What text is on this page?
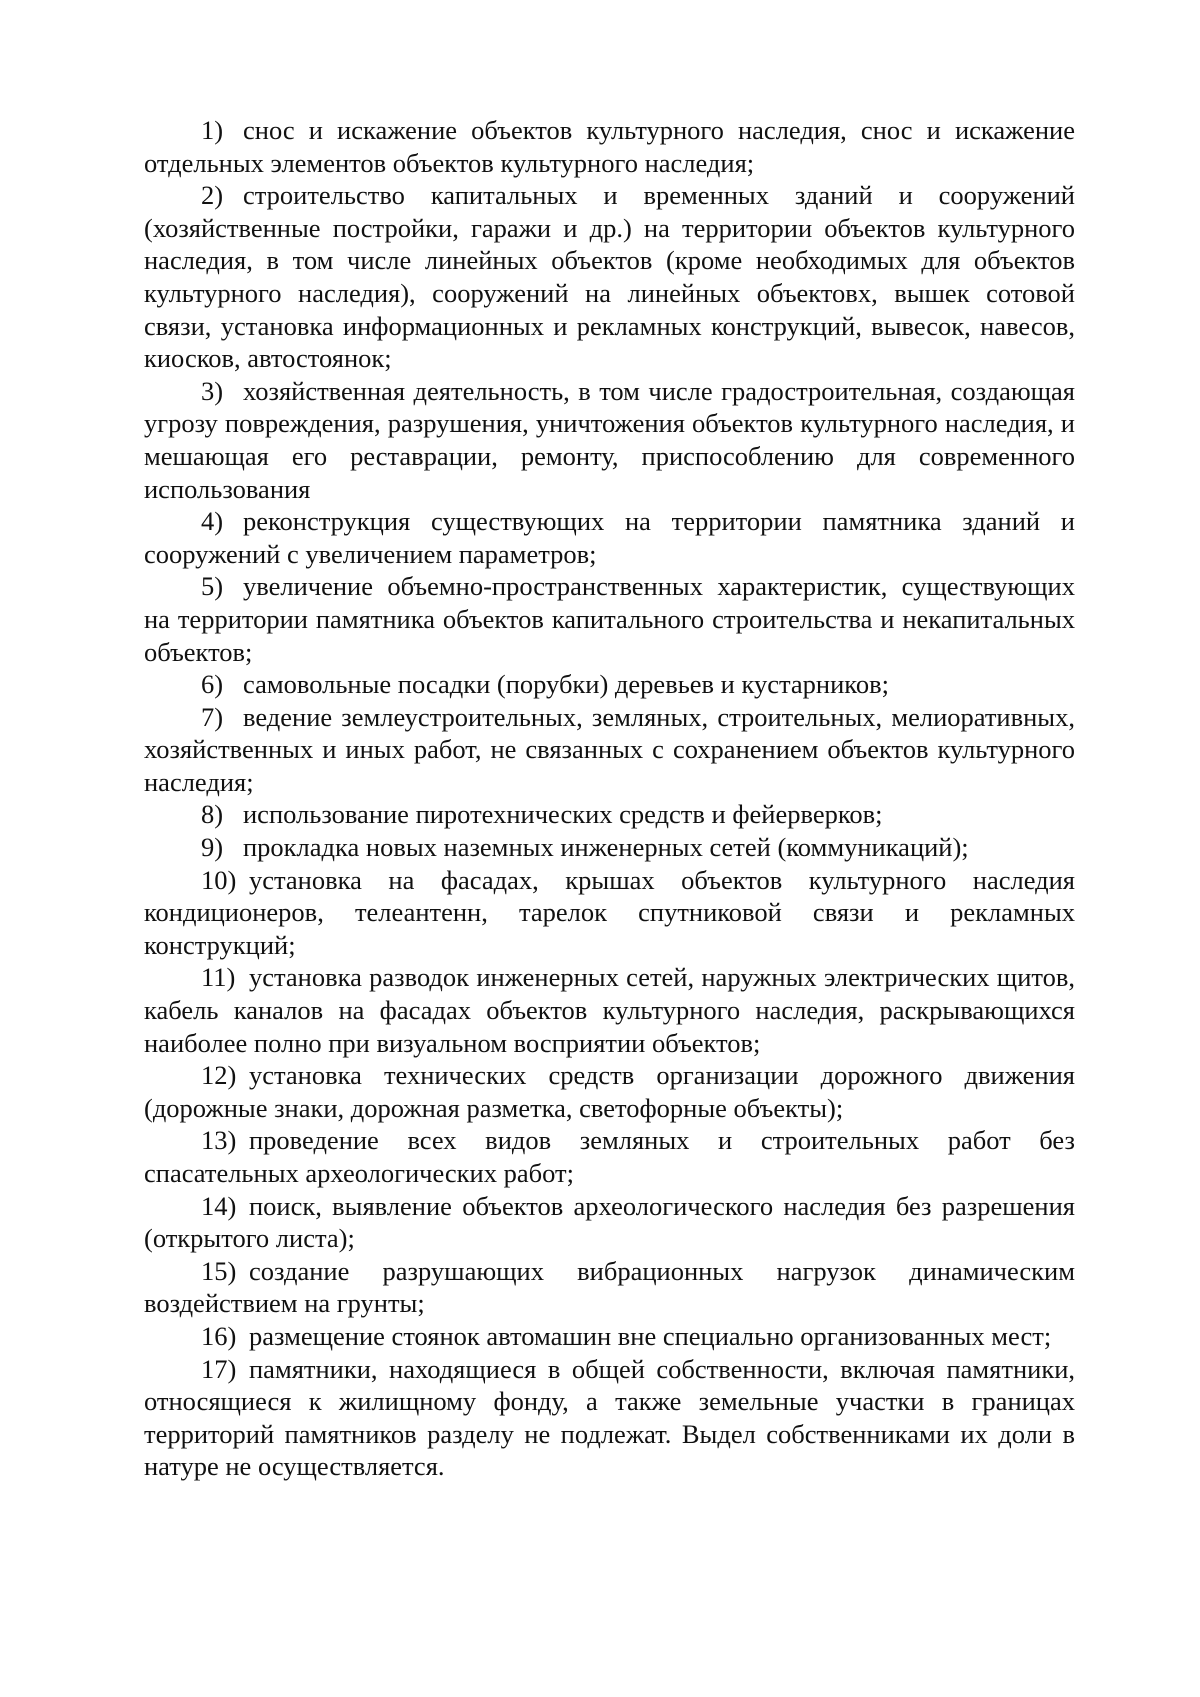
1) снос и искажение объектов культурного наследия, снос и искажение отдельных элементов объектов культурного наследия;

2) строительство капитальных и временных зданий и сооружений (хозяйственные постройки, гаражи и др.) на территории объектов культурного наследия, в том числе линейных объектов (кроме необходимых для объектов культурного наследия), сооружений на линейных объектовх, вышек сотовой связи, установка информационных и рекламных конструкций, вывесок, навесов, киосков, автостоянок;

3) хозяйственная деятельность, в том числе градостроительная, создающая угрозу повреждения, разрушения, уничтожения объектов культурного наследия, и мешающая его реставрации, ремонту, приспособлению для современного использования

4) реконструкция существующих на территории памятника зданий и сооружений с увеличением параметров;

5) увеличение объемно-пространственных характеристик, существующих на территории памятника объектов капитального строительства и некапитальных объектов;

6) самовольные посадки (порубки) деревьев и кустарников;

7) ведение землеустроительных, земляных, строительных, мелиоративных, хозяйственных и иных работ, не связанных с сохранением объектов культурного наследия;

8) использование пиротехнических средств и фейерверков;

9) прокладка новых наземных инженерных сетей (коммуникаций);

10) установка на фасадах, крышах объектов культурного наследия кондиционеров, телеантенн, тарелок спутниковой связи и рекламных конструкций;

11) установка разводок инженерных сетей, наружных электрических щитов, кабель каналов на фасадах объектов культурного наследия, раскрывающихся наиболее полно при визуальном восприятии объектов;

12) установка технических средств организации дорожного движения (дорожные знаки, дорожная разметка, светофорные объекты);

13) проведение всех видов земляных и строительных работ без спасательных археологических работ;

14) поиск, выявление объектов археологического наследия без разрешения (открытого листа);

15) создание разрушающих вибрационных нагрузок динамическим воздействием на грунты;

16) размещение стоянок автомашин вне специально организованных мест;

17) памятники, находящиеся в общей собственности, включая памятники, относящиеся к жилищному фонду, а также земельные участки в границах территорий памятников разделу не подлежат. Выдел собственниками их доли в натуре не осуществляется.
